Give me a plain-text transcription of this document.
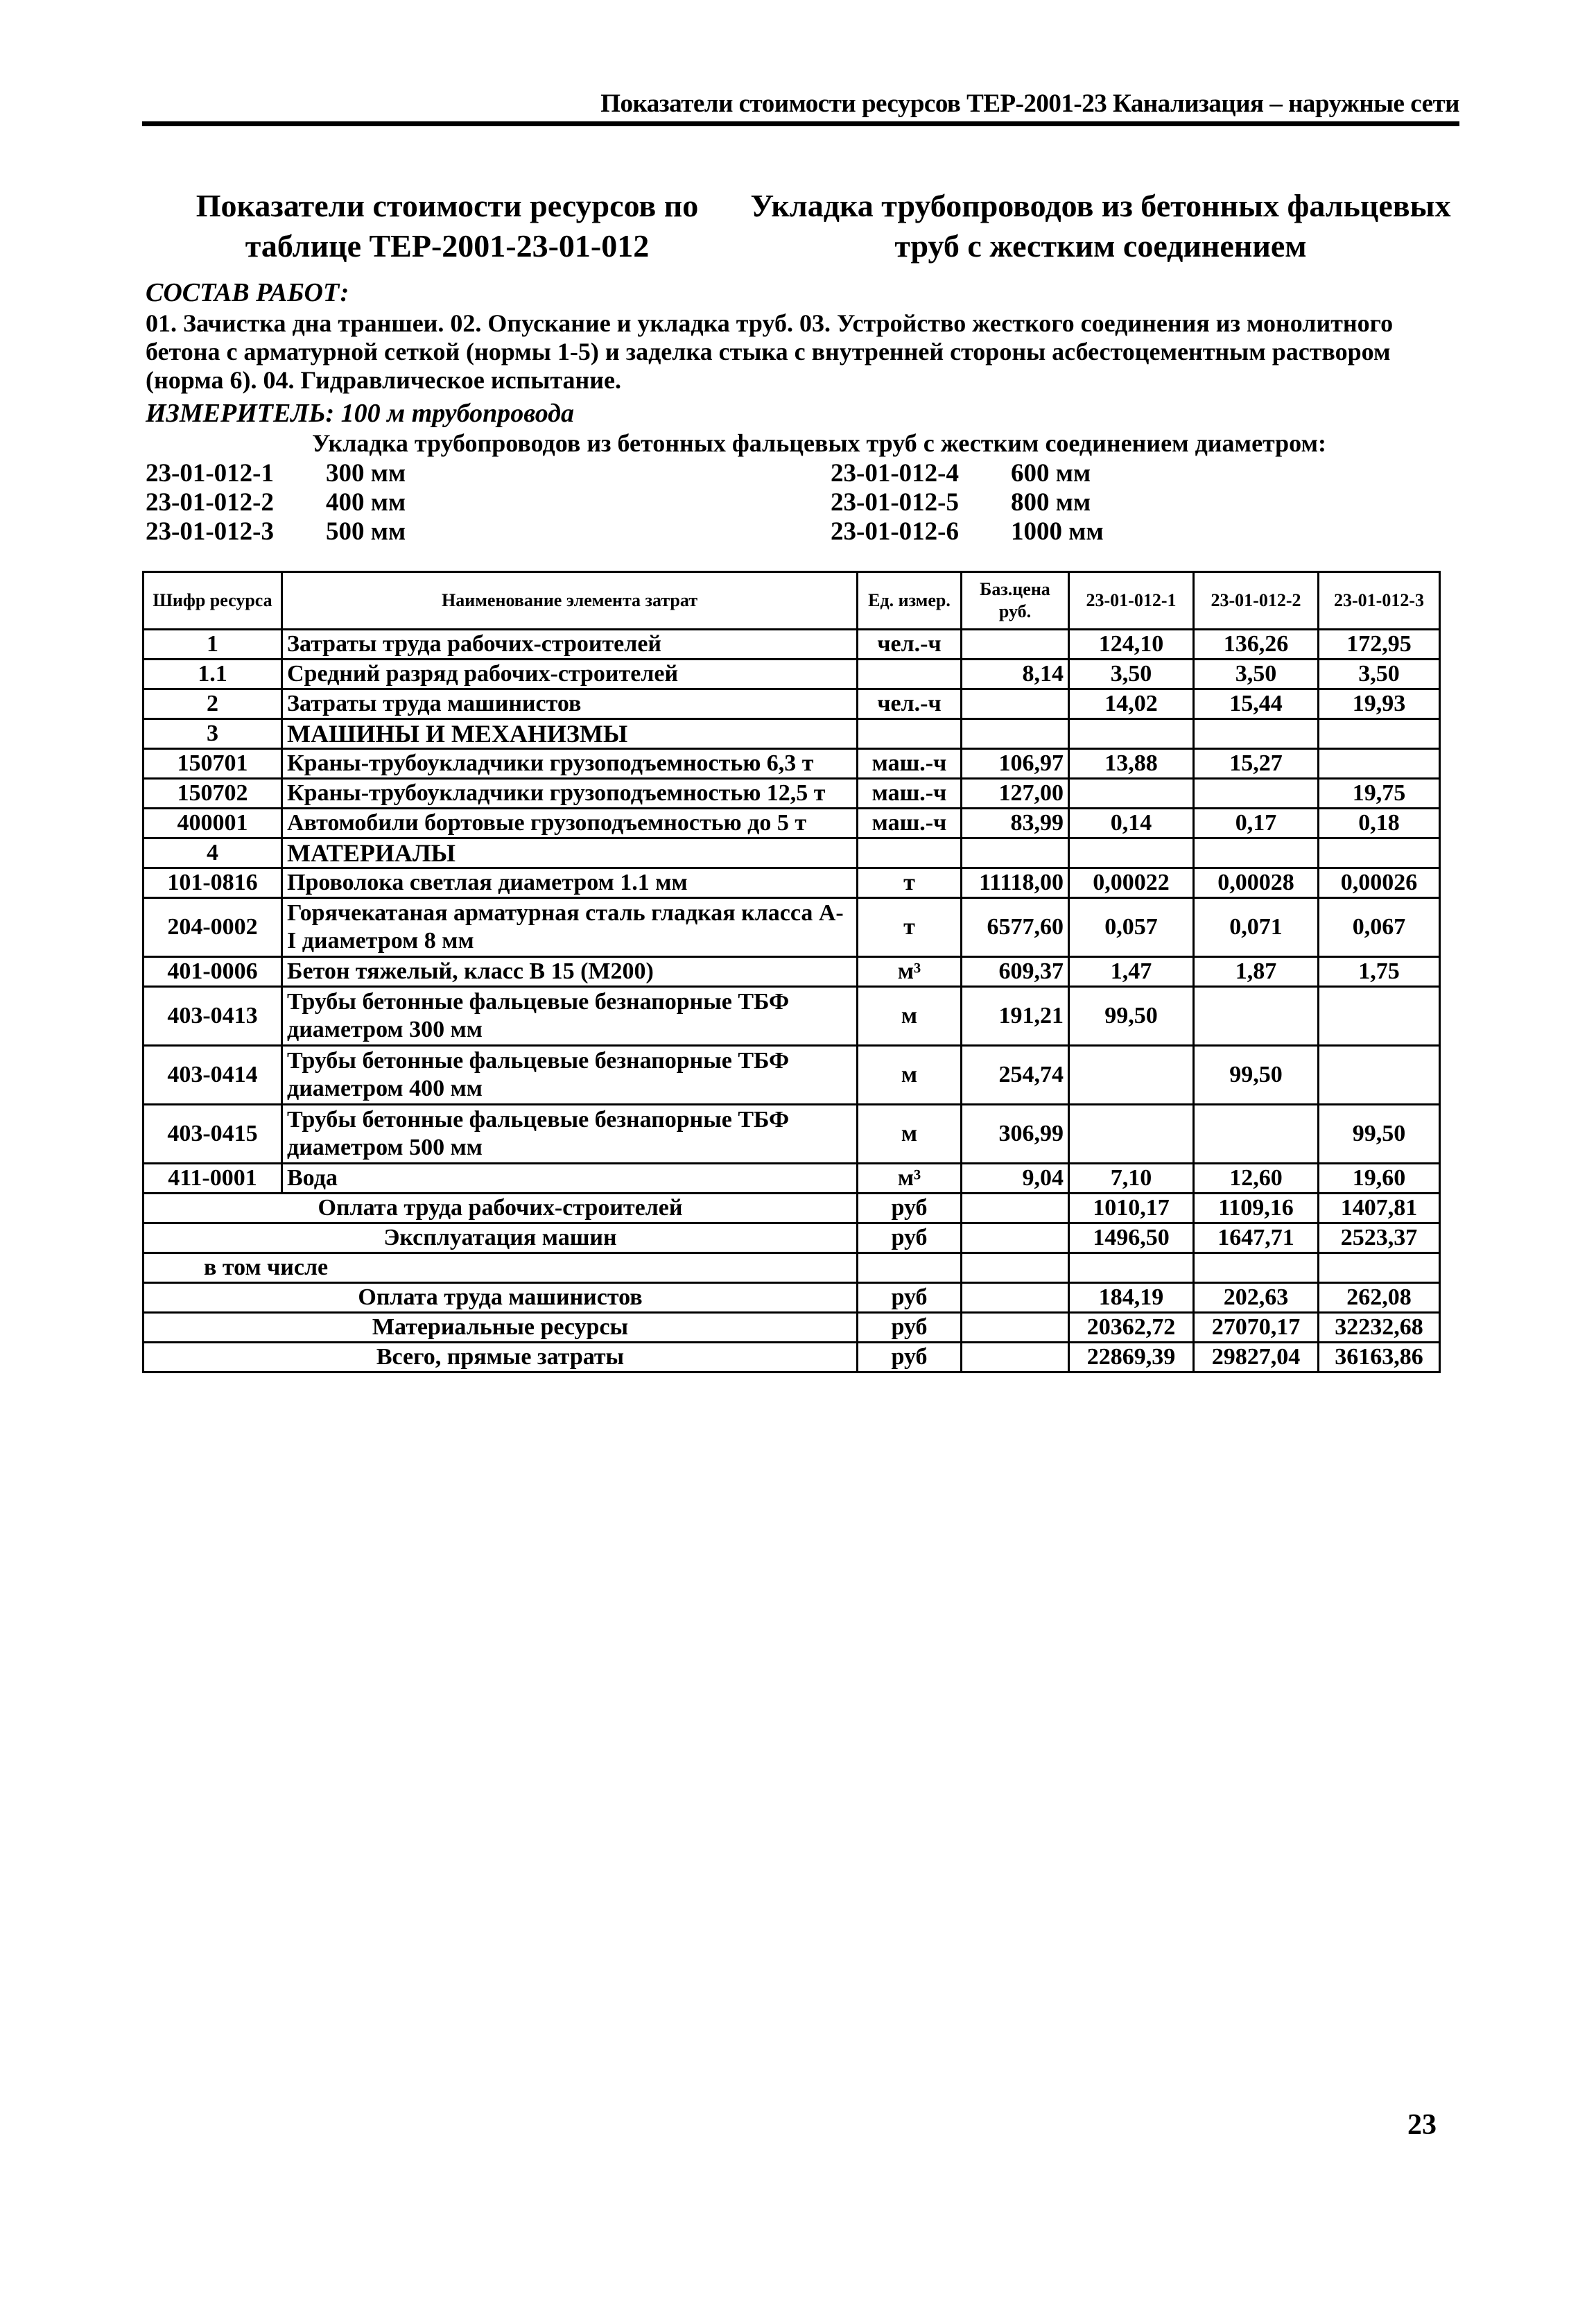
Показатели стоимости ресурсов ТЕР-2001-23 Канализация – наружные сети
Показатели стоимости ресурсов по таблице ТЕР-2001-23-01-012
Укладка трубопроводов из бетонных фальцевых труб с жестким соединением
СОСТАВ РАБОТ:
01. Зачистка дна траншеи. 02. Опускание и укладка труб. 03. Устройство жесткого соединения из монолитного бетона с арматурной сеткой (нормы 1-5) и заделка стыка с внутренней стороны асбестоцементным раствором (норма 6). 04. Гидравлическое испытание.
ИЗМЕРИТЕЛЬ: 100 м трубопровода
Укладка трубопроводов из бетонных фальцевых труб с жестким соединением диаметром:
23-01-012-1 300 мм
23-01-012-2 400 мм
23-01-012-3 500 мм
23-01-012-4 600 мм
23-01-012-5 800 мм
23-01-012-6 1000 мм
Шифр ресурса	Наименование элемента затрат	Ед. измер.	Баз.цена руб.	23-01-012-1	23-01-012-2	23-01-012-3
1	Затраты труда рабочих-строителей	чел.-ч		124,10	136,26	172,95
1.1	Средний разряд рабочих-строителей		8,14	3,50	3,50	3,50
2	Затраты труда машинистов	чел.-ч		14,02	15,44	19,93
3	МАШИНЫ И МЕХАНИЗМЫ					
150701	Краны-трубоукладчики грузоподъемностью 6,3 т	маш.-ч	106,97	13,88	15,27	
150702	Краны-трубоукладчики грузоподъемностью 12,5 т	маш.-ч	127,00			19,75
400001	Автомобили бортовые грузоподъемностью до 5 т	маш.-ч	83,99	0,14	0,17	0,18
4	МАТЕРИАЛЫ					
101-0816	Проволока светлая диаметром 1.1 мм	т	11118,00	0,00022	0,00028	0,00026
204-0002	Горячекатаная арматурная сталь гладкая класса А-I диаметром 8 мм	т	6577,60	0,057	0,071	0,067
401-0006	Бетон тяжелый, класс В 15 (М200)	м³	609,37	1,47	1,87	1,75
403-0413	Трубы бетонные фальцевые безнапорные ТБФ диаметром 300 мм	м	191,21	99,50		
403-0414	Трубы бетонные фальцевые безнапорные ТБФ диаметром 400 мм	м	254,74		99,50	
403-0415	Трубы бетонные фальцевые безнапорные ТБФ диаметром 500 мм	м	306,99			99,50
411-0001	Вода	м³	9,04	7,10	12,60	19,60
Оплата труда рабочих-строителей		руб		1010,17	1109,16	1407,81
Эксплуатация машин		руб		1496,50	1647,71	2523,37
в том числе						
Оплата труда машинистов		руб		184,19	202,63	262,08
Материальные ресурсы		руб		20362,72	27070,17	32232,68
Всего, прямые затраты		руб		22869,39	29827,04	36163,86
23
